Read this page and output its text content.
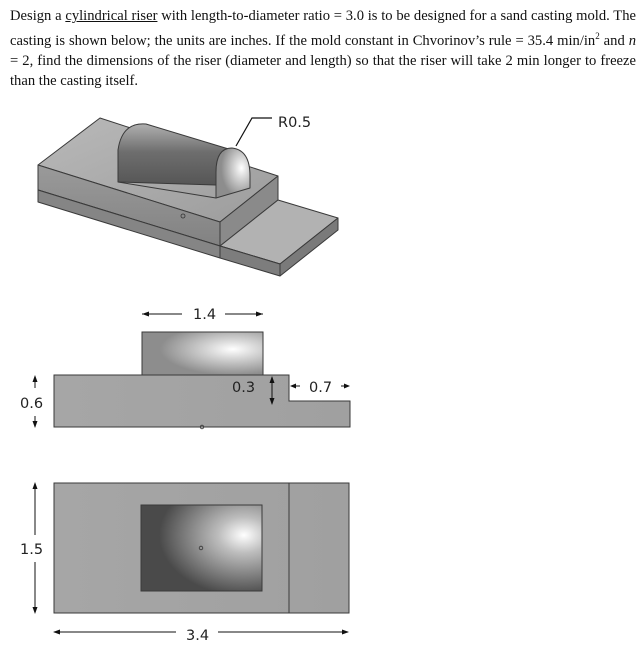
Design a cylindrical riser with length-to-diameter ratio = 3.0 is to be designed for a sand casting mold. The casting is shown below; the units are inches. If the mold constant in Chvorinov’s rule = 35.4 $\min/in^2$ and n = 2, find the dimensions of the riser (diameter and length) so that the riser will take 2 min longer to freeze than the casting itself.
R0.5
1.4
0.3	0.7
0.6
1.5
3.4
